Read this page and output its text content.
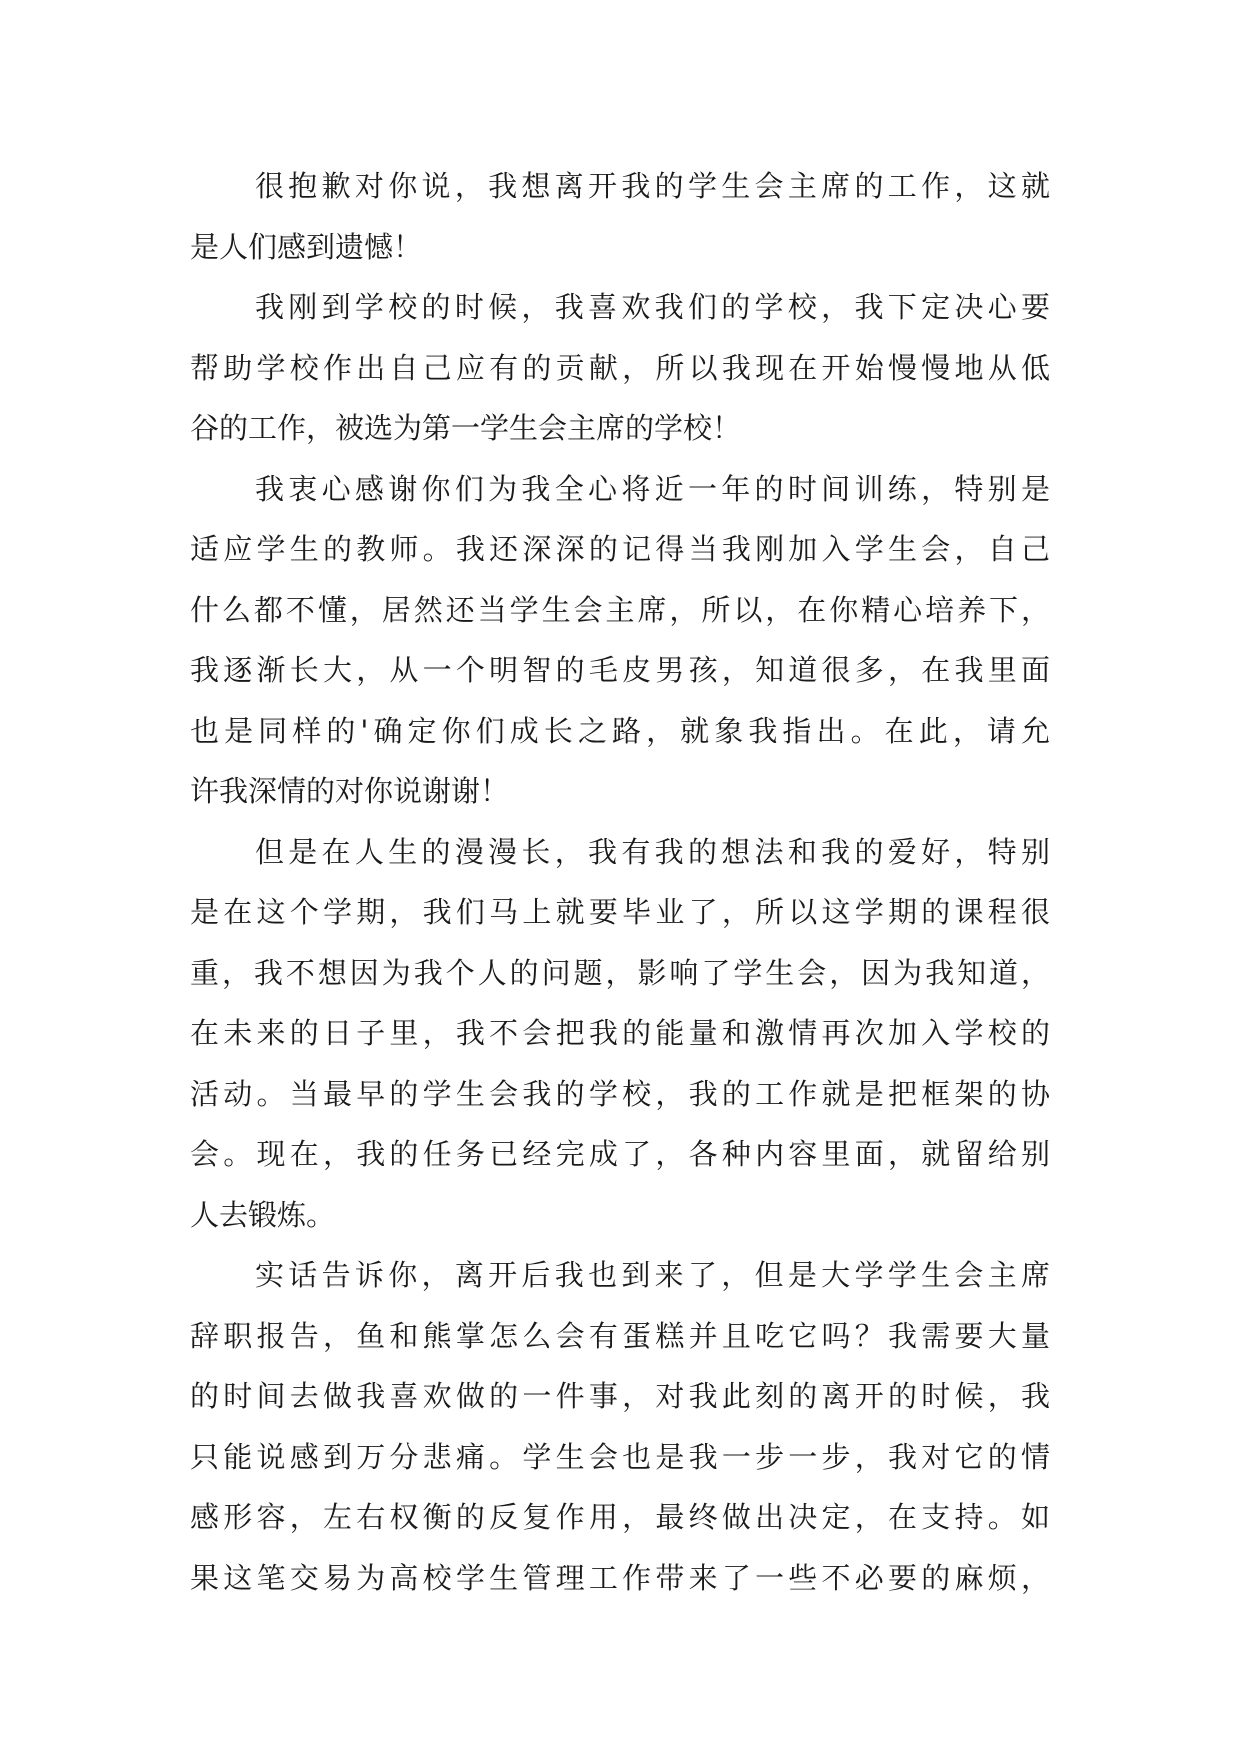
很抱歉对你说，我想离开我的学生会主席的工作，这就
是人们感到遗憾！
我刚到学校的时候，我喜欢我们的学校，我下定决心要
帮助学校作出自己应有的贡献，所以我现在开始慢慢地从低
谷的工作，被选为第一学生会主席的学校！
我衷心感谢你们为我全心将近一年的时间训练，特别是
适应学生的教师。我还深深的记得当我刚加入学生会，自己
什么都不懂，居然还当学生会主席，所以，在你精心培养下，
我逐渐长大，从一个明智的毛皮男孩，知道很多，在我里面
也是同样的'确定你们成长之路，就象我指出。在此，请允
许我深情的对你说谢谢！
但是在人生的漫漫长，我有我的想法和我的爱好，特别
是在这个学期，我们马上就要毕业了，所以这学期的课程很
重，我不想因为我个人的问题，影响了学生会，因为我知道，
在未来的日子里，我不会把我的能量和激情再次加入学校的
活动。当最早的学生会我的学校，我的工作就是把框架的协
会。现在，我的任务已经完成了，各种内容里面，就留给别
人去锻炼。
实话告诉你，离开后我也到来了，但是大学学生会主席
辞职报告，鱼和熊掌怎么会有蛋糕并且吃它吗？我需要大量
的时间去做我喜欢做的一件事，对我此刻的离开的时候，我
只能说感到万分悲痛。学生会也是我一步一步，我对它的情
感形容，左右权衡的反复作用，最终做出决定，在支持。如
果这笔交易为高校学生管理工作带来了一些不必要的麻烦，
